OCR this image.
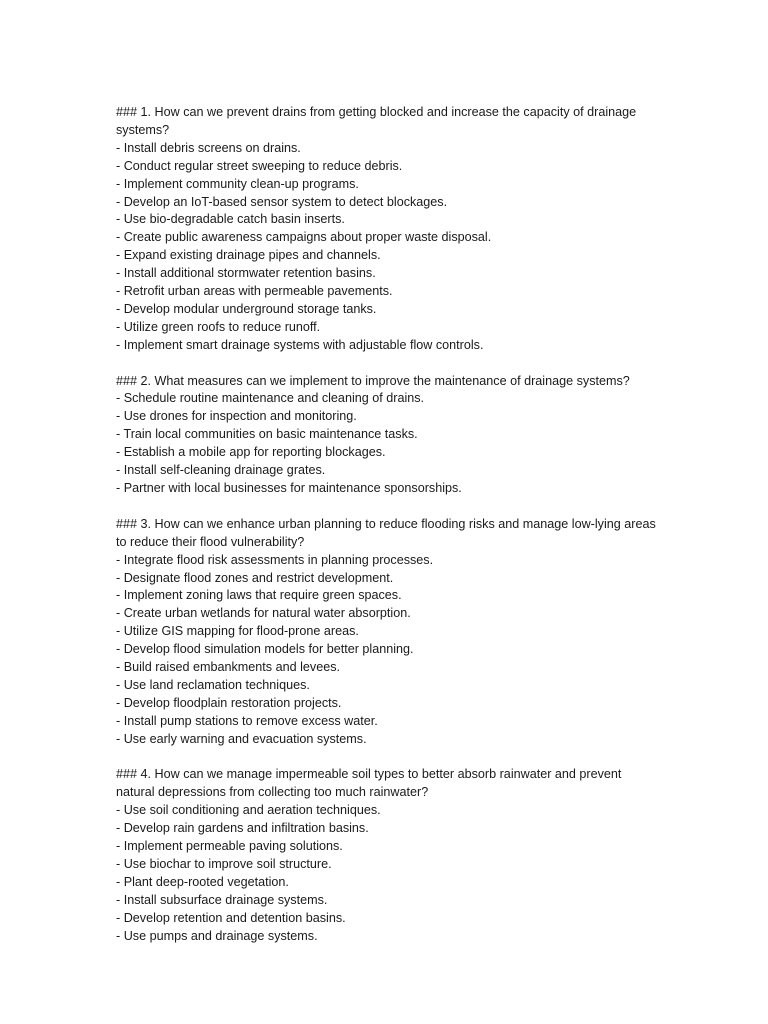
### 1. How can we prevent drains from getting blocked and increase the capacity of drainage systems?
- Install debris screens on drains.
- Conduct regular street sweeping to reduce debris.
- Implement community clean-up programs.
- Develop an IoT-based sensor system to detect blockages.
- Use bio-degradable catch basin inserts.
- Create public awareness campaigns about proper waste disposal.
- Expand existing drainage pipes and channels.
- Install additional stormwater retention basins.
- Retrofit urban areas with permeable pavements.
- Develop modular underground storage tanks.
- Utilize green roofs to reduce runoff.
- Implement smart drainage systems with adjustable flow controls.
### 2. What measures can we implement to improve the maintenance of drainage systems?
- Schedule routine maintenance and cleaning of drains.
- Use drones for inspection and monitoring.
- Train local communities on basic maintenance tasks.
- Establish a mobile app for reporting blockages.
- Install self-cleaning drainage grates.
- Partner with local businesses for maintenance sponsorships.
### 3. How can we enhance urban planning to reduce flooding risks and manage low-lying areas to reduce their flood vulnerability?
- Integrate flood risk assessments in planning processes.
- Designate flood zones and restrict development.
- Implement zoning laws that require green spaces.
- Create urban wetlands for natural water absorption.
- Utilize GIS mapping for flood-prone areas.
- Develop flood simulation models for better planning.
- Build raised embankments and levees.
- Use land reclamation techniques.
- Develop floodplain restoration projects.
- Install pump stations to remove excess water.
- Use early warning and evacuation systems.
### 4. How can we manage impermeable soil types to better absorb rainwater and prevent natural depressions from collecting too much rainwater?
- Use soil conditioning and aeration techniques.
- Develop rain gardens and infiltration basins.
- Implement permeable paving solutions.
- Use biochar to improve soil structure.
- Plant deep-rooted vegetation.
- Install subsurface drainage systems.
- Develop retention and detention basins.
- Use pumps and drainage systems.
